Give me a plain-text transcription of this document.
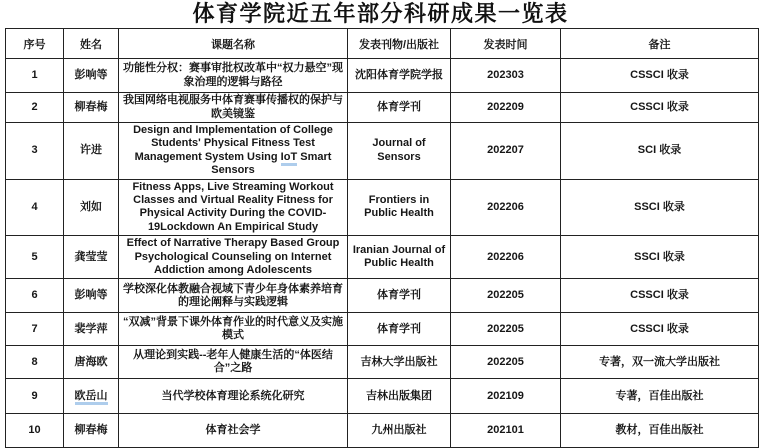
体育学院近五年部分科研成果一览表
序号	姓名	课题名称	发表刊物/出版社	发表时间	备注
1	彭响等	功能性分权：赛事审批权改革中“权力悬空”现象治理的逻辑与路径	沈阳体育学院学报	202303	CSSCI 收录
2	柳春梅	我国网络电视服务中体育赛事传播权的保护与欧美镜鉴	体育学刊	202209	CSSCI 收录
3	许进	Design and Implementation of College Students' Physical Fitness Test Management System Using IoT Smart Sensors	Journal of Sensors	202207	SCI 收录
4	刘如	Fitness Apps, Live Streaming Workout Classes and Virtual Reality Fitness for Physical Activity During the COVID-19Lockdown An Empirical Study	Frontiers in Public Health	202206	SSCI 收录
5	龚莹莹	Effect of Narrative Therapy Based Group Psychological Counseling on Internet Addiction among Adolescents	Iranian Journal of Public Health	202206	SSCI 收录
6	彭响等	学校深化体教融合视域下青少年身体素养培育的理论阐释与实践逻辑	体育学刊	202205	CSSCI 收录
7	裴学萍	“双减”背景下课外体育作业的时代意义及实施模式	体育学刊	202205	CSSCI 收录
8	唐海欧	从理论到实践--老年人健康生活的“体医结合”之路	吉林大学出版社	202205	专著，双一流大学出版社
9	欧岳山	当代学校体育理论系统化研究	吉林出版集团	202109	专著，百佳出版社
10	柳春梅	体育社会学	九州出版社	202101	教材，百佳出版社
